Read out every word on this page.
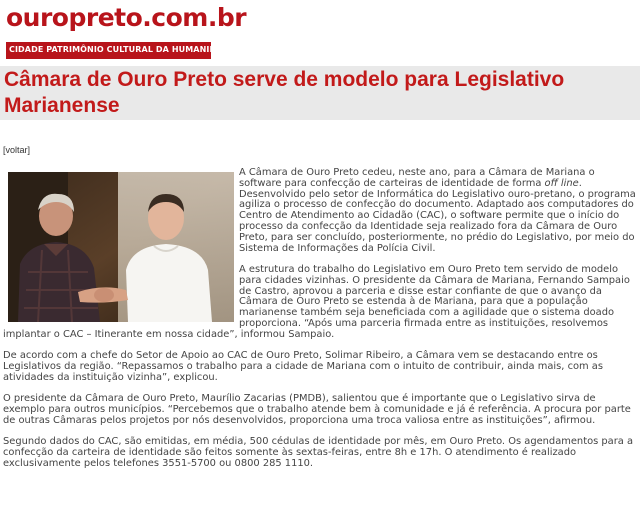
ouropreto.com.br
CIDADE PATRIMÔNIO CULTURAL DA HUMANIDADE
Câmara de Ouro Preto serve de modelo para Legislativo Marianense
[voltar]

A Câmara de Ouro Preto cedeu, neste ano, para a Câmara de Mariana o software para confecção de carteiras de identidade de forma off line. Desenvolvido pelo setor de Informática do Legislativo ouro-pretano, o programa agiliza o processo de confecção do documento. Adaptado aos computadores do Centro de Atendimento ao Cidadão (CAC), o software permite que o início do processo da confecção da Identidade seja realizado fora da Câmara de Ouro Preto, para ser concluído, posteriormente, no prédio do Legislativo, por meio do Sistema de Informações da Polícia Civil.

A estrutura do trabalho do Legislativo em Ouro Preto tem servido de modelo para cidades vizinhas. O presidente da Câmara de Mariana, Fernando Sampaio de Castro, aprovou a parceria e disse estar confiante de que o avanço da Câmara de Ouro Preto se estenda à de Mariana, para que a população marianense também seja beneficiada com a agilidade que o sistema doado proporciona. “Após uma parceria firmada entre as instituições, resolvemos implantar o CAC – Itinerante em nossa cidade”, informou Sampaio.

De acordo com a chefe do Setor de Apoio ao CAC de Ouro Preto, Solimar Ribeiro, a Câmara vem se destacando entre os Legislativos da região. “Repassamos o trabalho para a cidade de Mariana com o intuito de contribuir, ainda mais, com as atividades da instituição vizinha”, explicou.

O presidente da Câmara de Ouro Preto, Maurílio Zacarias (PMDB), salientou que é importante que o Legislativo sirva de exemplo para outros municípios. “Percebemos que o trabalho atende bem à comunidade e já é referência. A procura por parte de outras Câmaras pelos projetos por nós desenvolvidos, proporciona uma troca valiosa entre as instituições”, afirmou.

Segundo dados do CAC, são emitidas, em média, 500 cédulas de identidade por mês, em Ouro Preto. Os agendamentos para a confecção da carteira de identidade são feitos somente às sextas-feiras, entre 8h e 17h. O atendimento é realizado exclusivamente pelos telefones 3551-5700 ou 0800 285 1110.
